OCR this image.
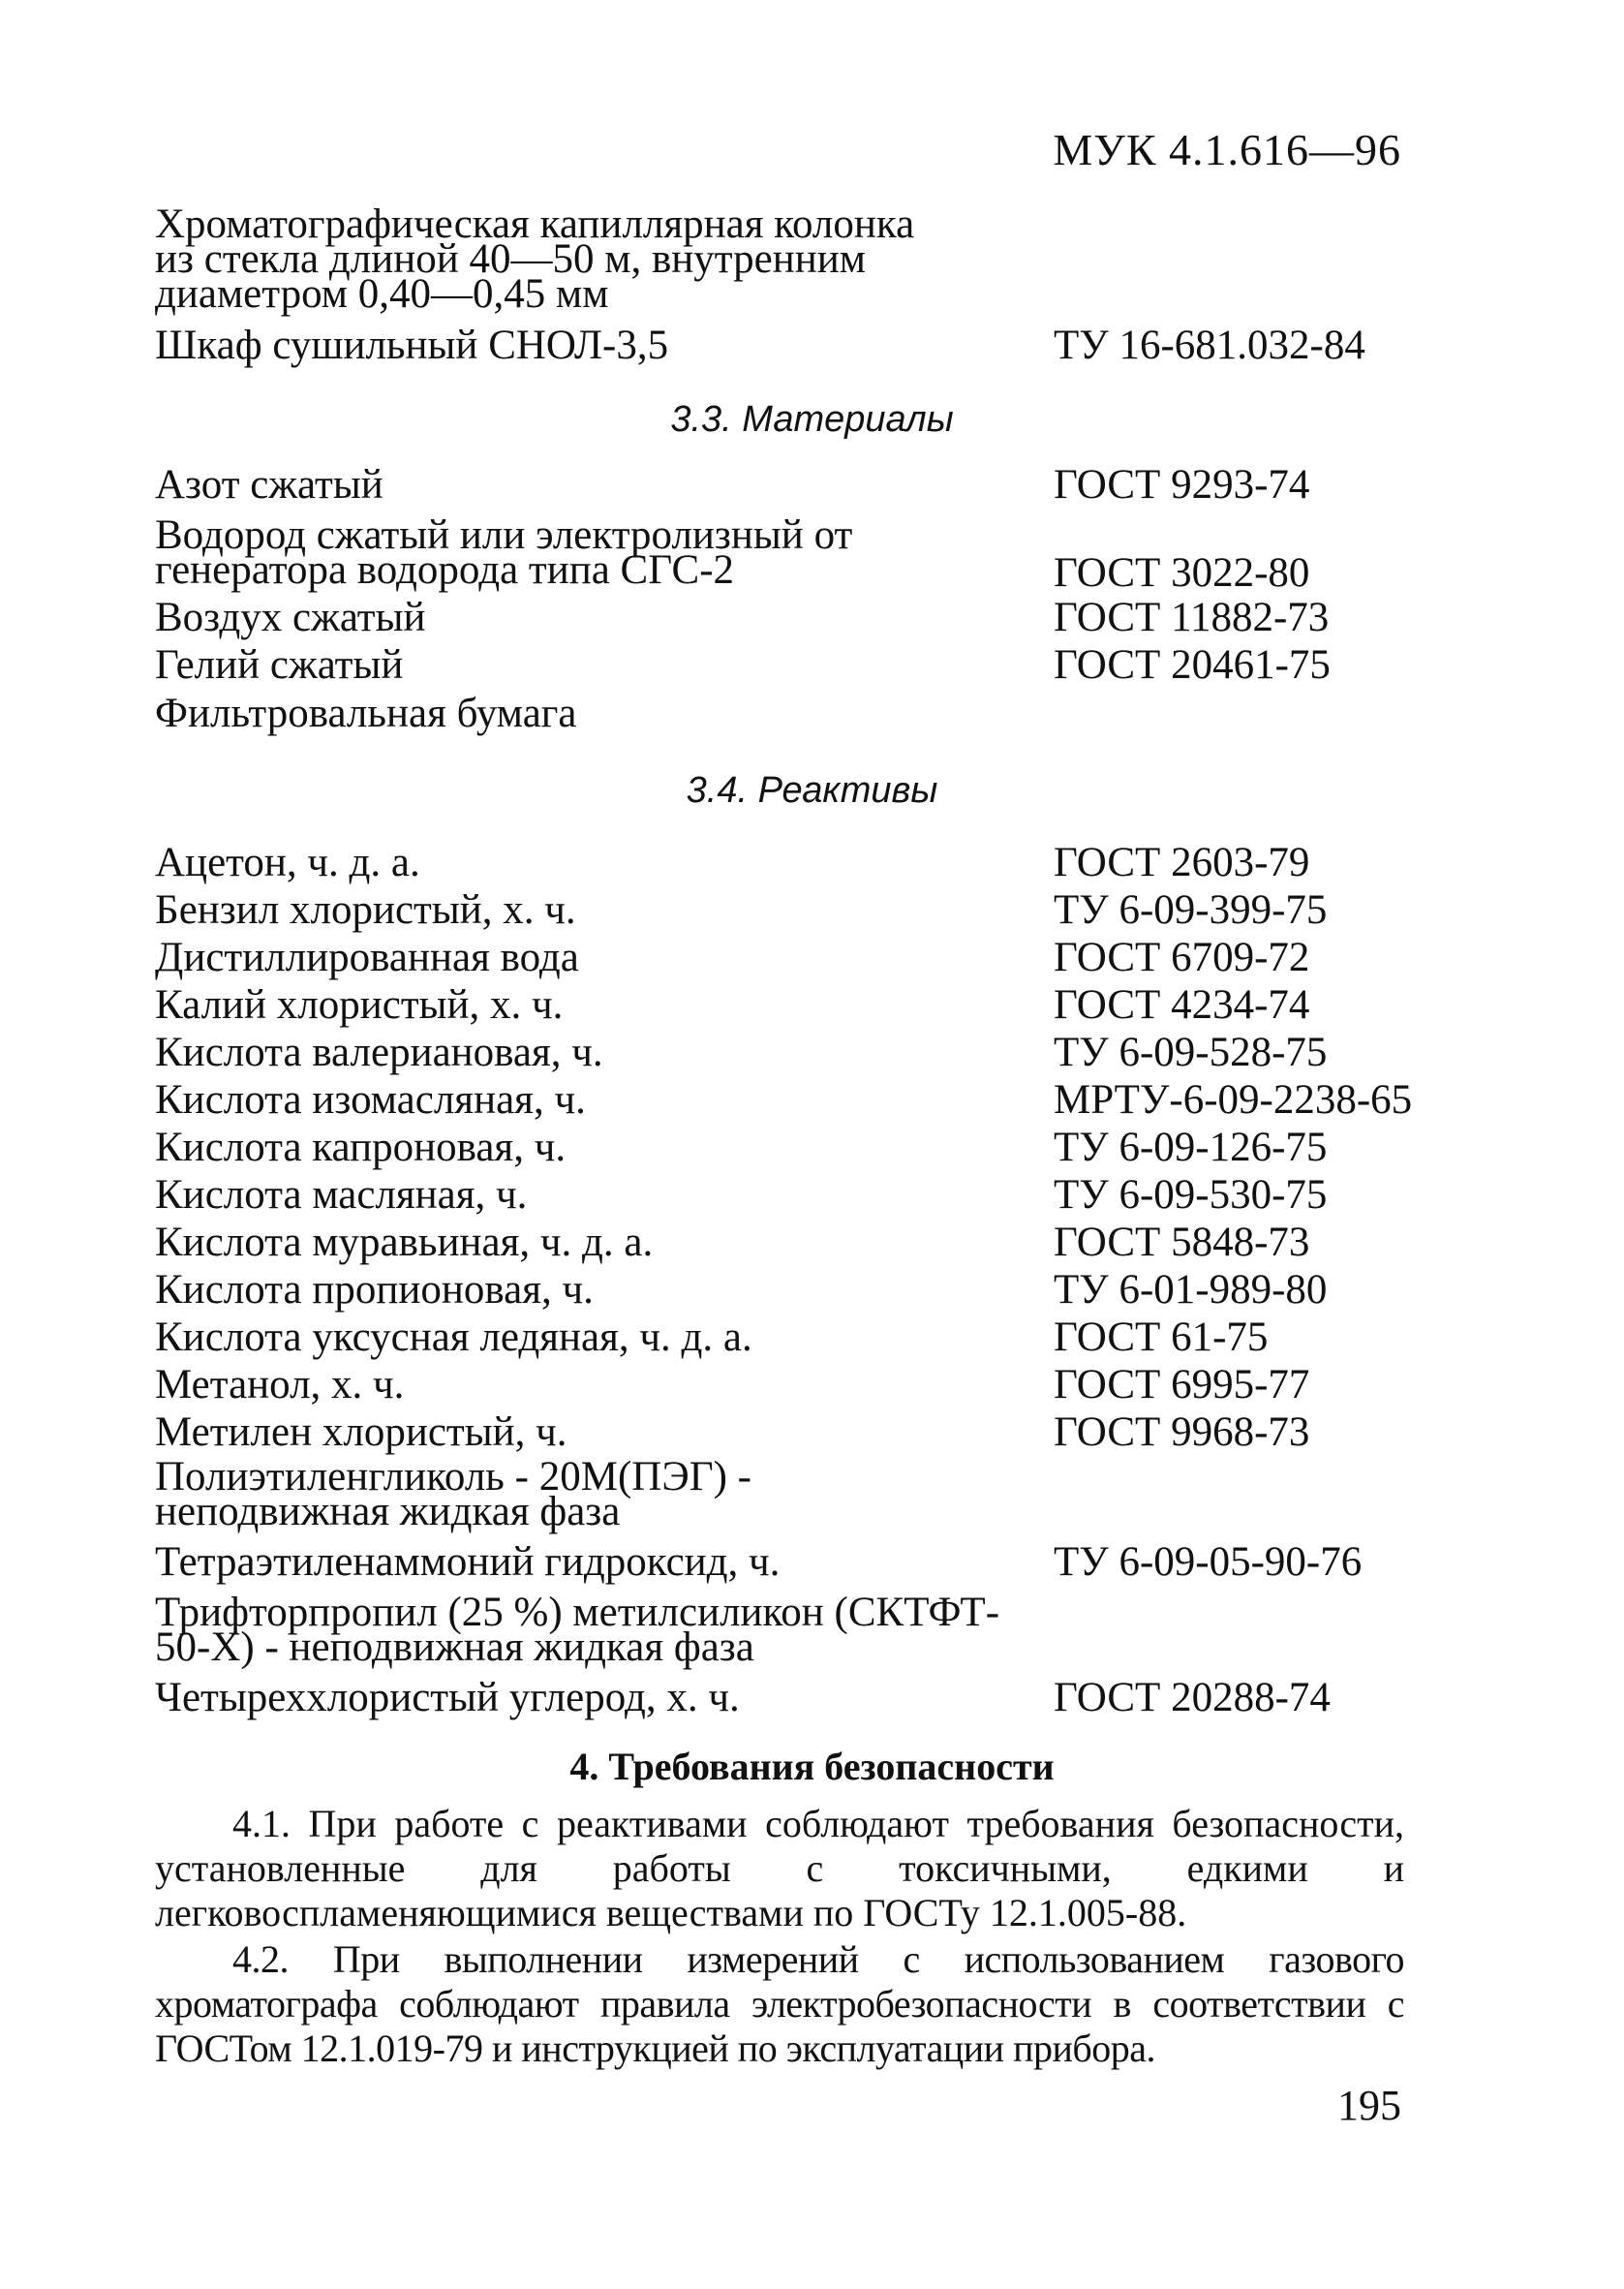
МУК 4.1.616—96
Хроматографическая капиллярная колонка
из стекла длиной 40—50 м, внутренним
диаметром 0,40—0,45 мм
Шкаф сушильный СНОЛ-3,5	ТУ 16-681.032-84
3.3. Материалы
Азот сжатый	ГОСТ 9293-74
Водород сжатый или электролизный от
генератора водорода типа СГС-2	ГОСТ 3022-80
Воздух сжатый	ГОСТ 11882-73
Гелий сжатый	ГОСТ 20461-75
Фильтровальная бумага
3.4. Реактивы
Ацетон, ч. д. а.	ГОСТ 2603-79
Бензил хлористый, х. ч.	ТУ 6-09-399-75
Дистиллированная вода	ГОСТ 6709-72
Калий хлористый, х. ч.	ГОСТ 4234-74
Кислота валериановая, ч.	ТУ 6-09-528-75
Кислота изомасляная, ч.	МРТУ-6-09-2238-65
Кислота капроновая, ч.	ТУ 6-09-126-75
Кислота масляная, ч.	ТУ 6-09-530-75
Кислота муравьиная, ч. д. а.	ГОСТ 5848-73
Кислота пропионовая, ч.	ТУ 6-01-989-80
Кислота уксусная ледяная, ч. д. а.	ГОСТ 61-75
Метанол, х. ч.	ГОСТ 6995-77
Метилен хлористый, ч.	ГОСТ 9968-73
Полиэтиленгликоль - 20М(ПЭГ) -
неподвижная жидкая фаза
Тетраэтиленаммоний гидроксид, ч.	ТУ 6-09-05-90-76
Трифторпропил (25 %) метилсиликон (СКТФТ-
50-Х) - неподвижная жидкая фаза
Четыреххлористый углерод, х. ч.	ГОСТ 20288-74
4. Требования безопасности
4.1. При работе с реактивами соблюдают требования безопасности, установленные для работы с токсичными, едкими и легковоспламеняющимися веществами по ГОСТу 12.1.005-88.
4.2. При выполнении измерений с использованием газового хроматографа соблюдают правила электробезопасности в соответствии с ГОСТом 12.1.019-79 и инструкцией по эксплуатации прибора.
195
